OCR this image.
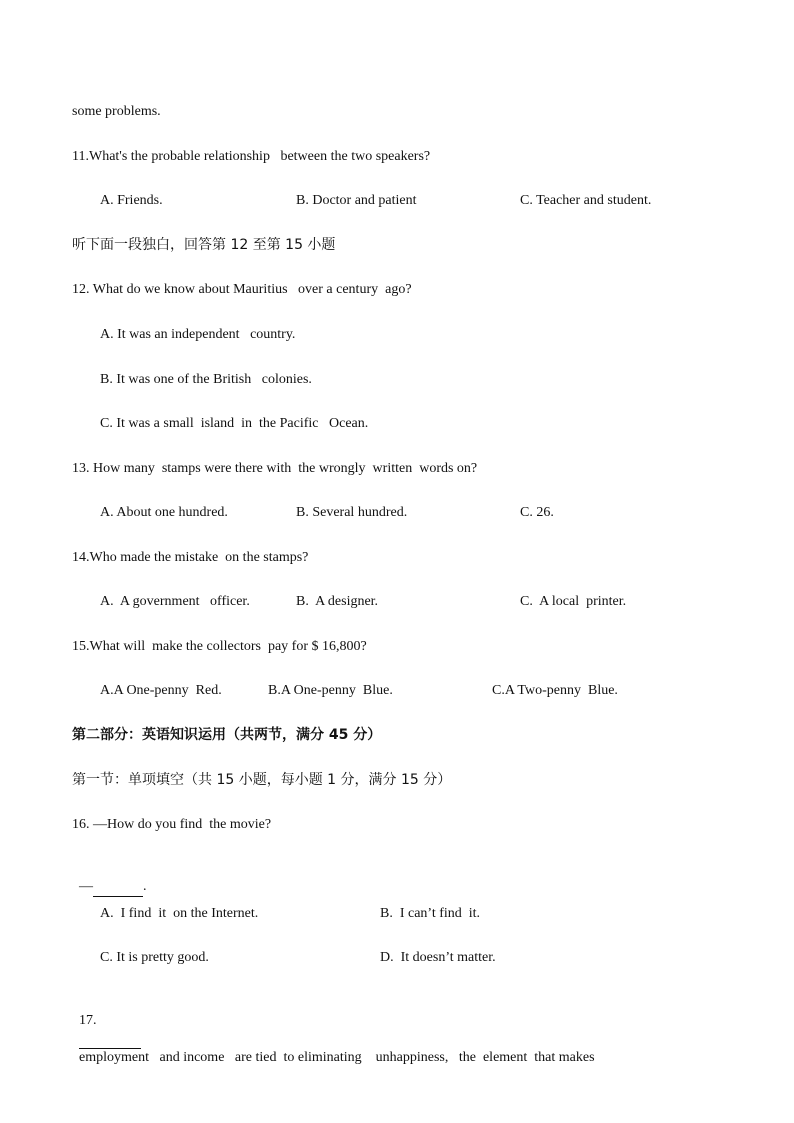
some problems.
11.What's the probable relationship   between the two speakers?
A. Friends.	B. Doctor and patient	C. Teacher and student.
听下面一段独白，回答第 12 至第 15 小题
12. What do we know about Mauritius   over a century  ago?
A. It was an independent   country.
B. It was one of the British   colonies.
C. It was a small  island  in  the Pacific   Ocean.
13. How many  stamps were there with  the wrongly  written  words on?
A. About one hundred.	B. Several hundred.	C. 26.
14.Who made the mistake  on the stamps?
A.  A government   officer.	B.  A designer.	C.  A local  printer.
15.What will  make the collectors  pay for $ 16,800?
A.A One-penny  Red.	B.A One-penny  Blue.	C.A Two-penny  Blue.
第二部分：英语知识运用（共两节，满分 45 分）
第一节：单项填空（共 15 小题，每小题 1 分，满分 15 分）
16. —How do you find  the movie?

—	.

A.  I find  it  on the Internet.	B.  I can’t find  it.
C. It is pretty good.	D.  It doesn’t matter.

17.

employment   and income   are tied  to eliminating    unhappiness,   the  element  that makes
